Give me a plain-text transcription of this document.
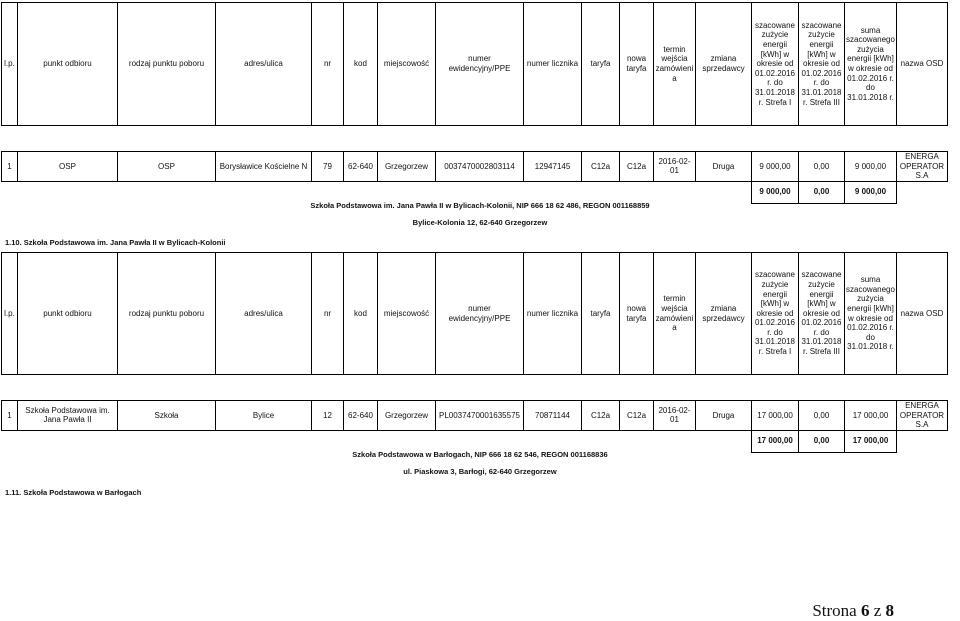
l.p.	punkt odbioru	rodzaj punktu poboru	adres/ulica	nr	kod	miejscowość	numer ewidencyjny/PPE	numer licznika	taryfa	nowa taryfa	termin wejścia zamówieni a	zmiana sprzedawcy	szacowane zużycie energii [kWh] w okresie od 01.02.2016 r. do 31.01.2018 r. Strefa I	szacowane zużycie energii [kWh] w okresie od 01.02.2016 r. do 31.01.2018 r. Strefa III	suma szacowanego zużycia energii [kWh] w okresie od 01.02.2016 r. do 31.01.2018 r.	nazwa OSD

1	OSP	OSP	Borysławice Kościelne N	79	62-640	Grzegorzew	0037470002803114	12947145	C12a	C12a	2016-02-01	Druga	9 000,00	0,00	9 000,00	ENERGA OPERATOR S.A
													9 000,00	0,00	9 000,00	
Szkoła Podstawowa im. Jana Pawła II w Bylicach-Kolonii, NIP 666 18 62 486, REGON 001168859
Bylice-Kolonia 12, 62-640 Grzegorzew
1.10. Szkoła Podstawowa im. Jana Pawła II w Bylicach-Kolonii
l.p.	punkt odbioru	rodzaj punktu poboru	adres/ulica	nr	kod	miejscowość	numer ewidencyjny/PPE	numer licznika	taryfa	nowa taryfa	termin wejścia zamówieni a	zmiana sprzedawcy	szacowane zużycie energii [kWh] w okresie od 01.02.2016 r. do 31.01.2018 r. Strefa I	szacowane zużycie energii [kWh] w okresie od 01.02.2016 r. do 31.01.2018 r. Strefa III	suma szacowanego zużycia energii [kWh] w okresie od 01.02.2016 r. do 31.01.2018 r.	nazwa OSD

1	Szkoła Podstawowa im. Jana Pawła II	Szkoła	Bylice	12	62-640	Grzegorzew	PL0037470001635575	70871144	C12a	C12a	2016-02-01	Druga	17 000,00	0,00	17 000,00	ENERGA OPERATOR S.A
													17 000,00	0,00	17 000,00	
Szkoła Podstawowa w Barłogach, NIP 666 18 62 546, REGON 001168836
ul. Piaskowa 3, Barłogi, 62-640 Grzegorzew
1.11. Szkoła Podstawowa w Barłogach
Strona 6 z 8
